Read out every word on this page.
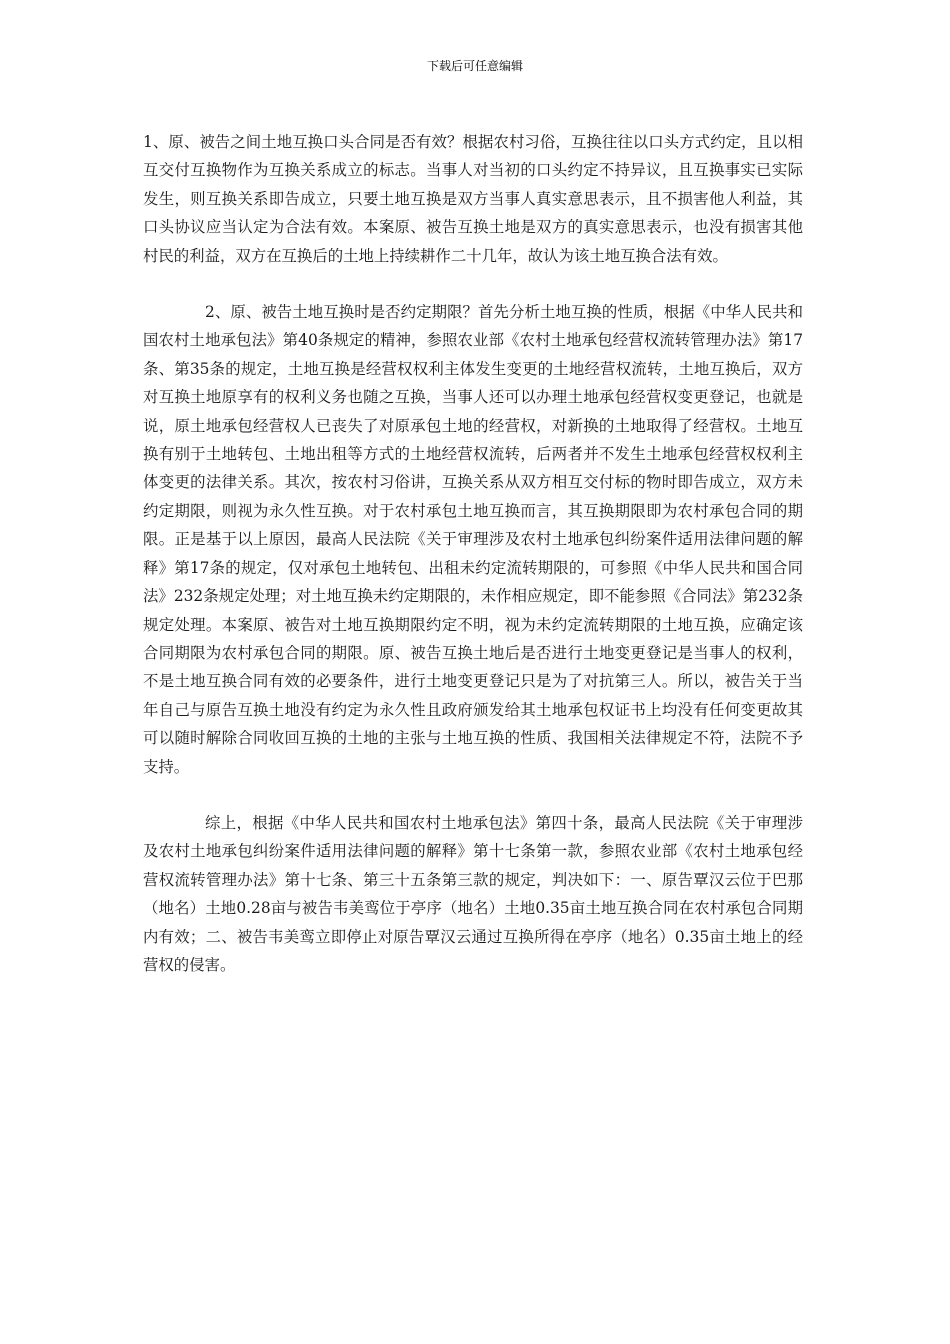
下载后可任意编辑

1、原、被告之间土地互换口头合同是否有效？根据农村习俗，互换往往以口头方式约定，且以相互交付互换物作为互换关系成立的标志。当事人对当初的口头约定不持异议，且互换事实已实际发生，则互换关系即告成立，只要土地互换是双方当事人真实意思表示，且不损害他人利益，其口头协议应当认定为合法有效。本案原、被告互换土地是双方的真实意思表示，也没有损害其他村民的利益，双方在互换后的土地上持续耕作二十几年，故认为该土地互换合法有效。

2、原、被告土地互换时是否约定期限？首先分析土地互换的性质，根据《中华人民共和国农村土地承包法》第40条规定的精神，参照农业部《农村土地承包经营权流转管理办法》第17条、第35条的规定，土地互换是经营权权利主体发生变更的土地经营权流转，土地互换后，双方对互换土地原享有的权利义务也随之互换，当事人还可以办理土地承包经营权变更登记，也就是说，原土地承包经营权人已丧失了对原承包土地的经营权，对新换的土地取得了经营权。土地互换有别于土地转包、土地出租等方式的土地经营权流转，后两者并不发生土地承包经营权权利主体变更的法律关系。其次，按农村习俗讲，互换关系从双方相互交付标的物时即告成立，双方未约定期限，则视为永久性互换。对于农村承包土地互换而言，其互换期限即为农村承包合同的期限。正是基于以上原因，最高人民法院《关于审理涉及农村土地承包纠纷案件适用法律问题的解释》第17条的规定，仅对承包土地转包、出租未约定流转期限的，可参照《中华人民共和国合同法》232条规定处理；对土地互换未约定期限的，未作相应规定，即不能参照《合同法》第232条规定处理。本案原、被告对土地互换期限约定不明，视为未约定流转期限的土地互换，应确定该合同期限为农村承包合同的期限。原、被告互换土地后是否进行土地变更登记是当事人的权利，不是土地互换合同有效的必要条件，进行土地变更登记只是为了对抗第三人。所以，被告关于当年自己与原告互换土地没有约定为永久性且政府颁发给其土地承包权证书上均没有任何变更故其可以随时解除合同收回互换的土地的主张与土地互换的性质、我国相关法律规定不符，法院不予支持。

综上，根据《中华人民共和国农村土地承包法》第四十条，最高人民法院《关于审理涉及农村土地承包纠纷案件适用法律问题的解释》第十七条第一款，参照农业部《农村土地承包经营权流转管理办法》第十七条、第三十五条第三款的规定，判决如下：一、原告覃汉云位于巴那（地名）土地0.28亩与被告韦美鸾位于亭序（地名）土地0.35亩土地互换合同在农村承包合同期内有效；二、被告韦美鸾立即停止对原告覃汉云通过互换所得在亭序（地名）0.35亩土地上的经营权的侵害。
